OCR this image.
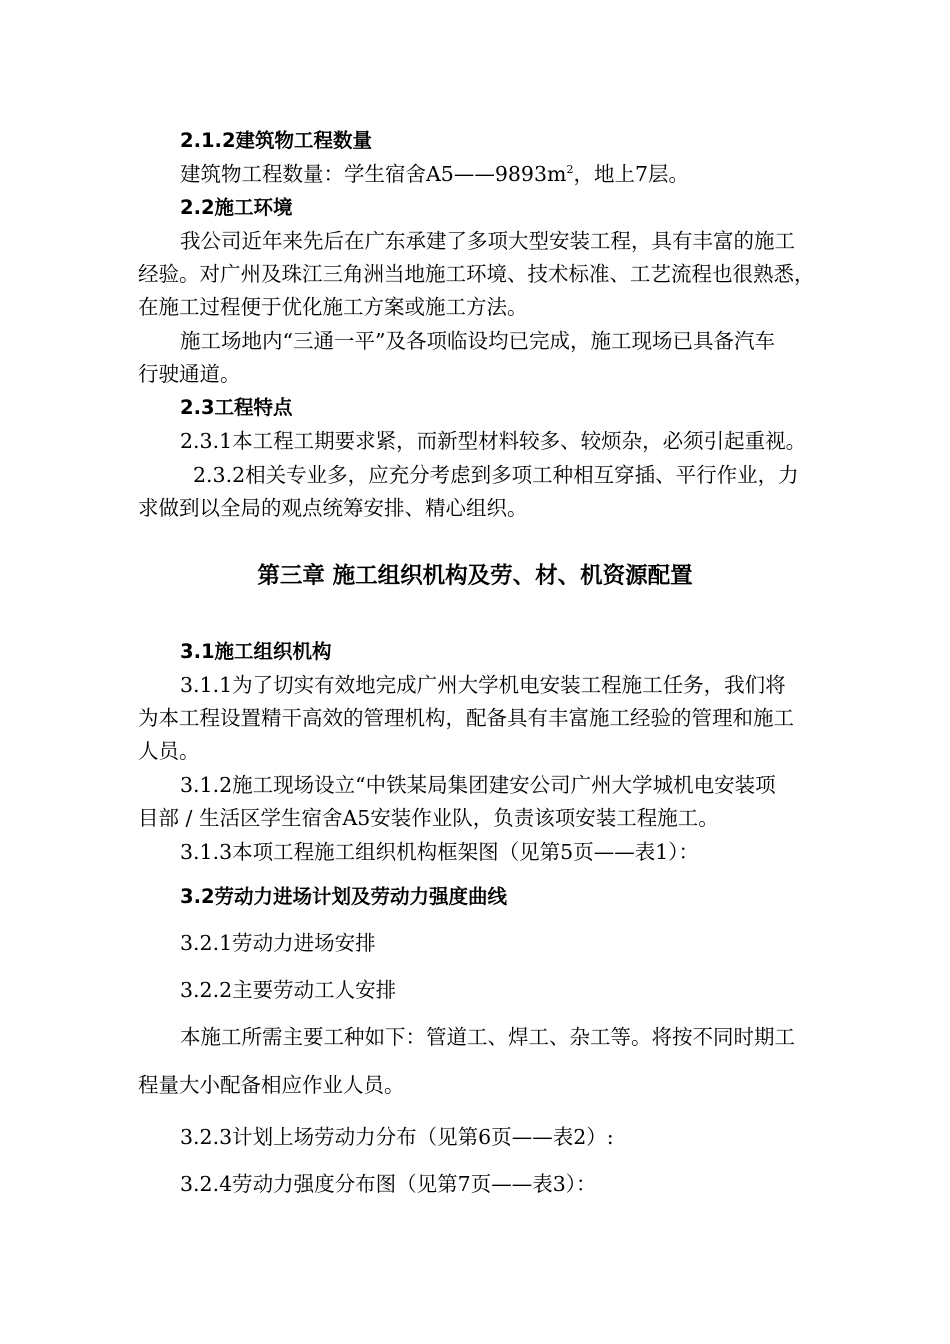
2.1.2建筑物工程数量
建筑物工程数量：学生宿舍$A5——9893m^2$，地上7层。
2.2施工环境
我公司近年来先后在广东承建了多项大型安装工程，具有丰富的施工
经验。对广州及珠江三角洲当地施工环境、技术标准、工艺流程也很熟悉，
在施工过程便于优化施工方案或施工方法。
施工场地内“三通一平”及各项临设均已完成，施工现场已具备汽车
行驶通道。
2.3工程特点
2.3.1本工程工期要求紧，而新型材料较多、较烦杂，必须引起重视。
2.3.2相关专业多，应充分考虑到多项工种相互穿插、平行作业，力
求做到以全局的观点统筹安排、精心组织。
第三章 施工组织机构及劳、材、机资源配置
3.1施工组织机构
3.1.1为了切实有效地完成广州大学机电安装工程施工任务，我们将
为本工程设置精干高效的管理机构，配备具有丰富施工经验的管理和施工
人员。
3.1.2施工现场设立“中铁某局集团建安公司广州大学城机电安装项
目部 / 生活区学生宿舍A5安装作业队，负责该项安装工程施工。
3.1.3本项工程施工组织机构框架图（见第5页——表1）：
3.2劳动力进场计划及劳动力强度曲线
3.2.1劳动力进场安排
3.2.2主要劳动工人安排
本施工所需主要工种如下：管道工、焊工、杂工等。将按不同时期工
程量大小配备相应作业人员。
3.2.3计划上场劳动力分布（见第6页——表2）:
3.2.4劳动力强度分布图（见第7页——表3）：
